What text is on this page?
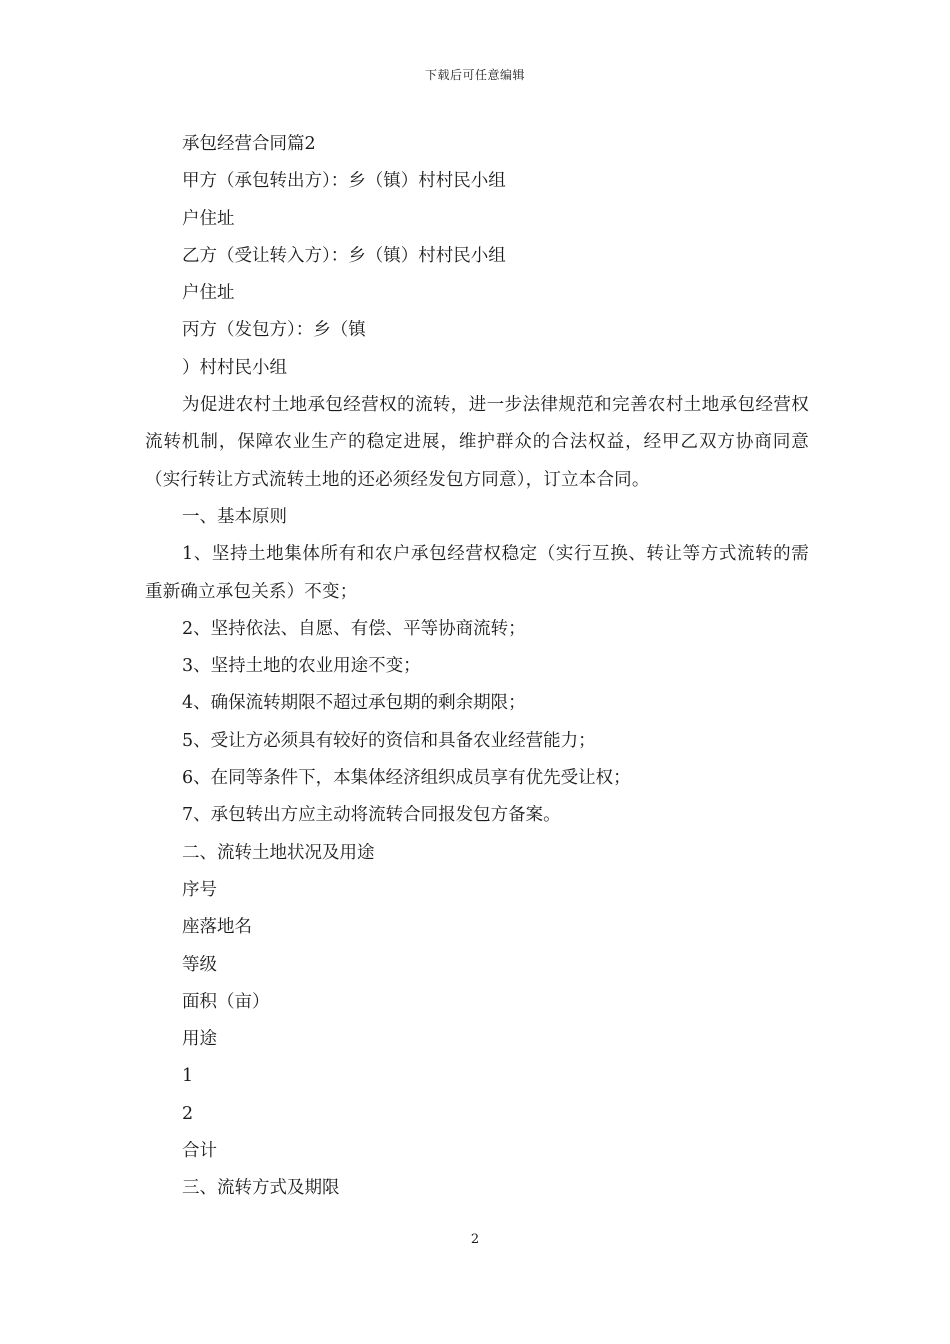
下载后可任意编辑
承包经营合同篇2
甲方（承包转出方）：乡（镇）村村民小组
户住址
乙方（受让转入方）：乡（镇）村村民小组
户住址
丙方（发包方）：乡（镇
）村村民小组
为促进农村土地承包经营权的流转，进一步法律规范和完善农村土地承包经营权流转机制，保障农业生产的稳定进展，维护群众的合法权益，经甲乙双方协商同意（实行转让方式流转土地的还必须经发包方同意），订立本合同。
一、基本原则
1、坚持土地集体所有和农户承包经营权稳定（实行互换、转让等方式流转的需重新确立承包关系）不变；
2、坚持依法、自愿、有偿、平等协商流转；
3、坚持土地的农业用途不变；
4、确保流转期限不超过承包期的剩余期限；
5、受让方必须具有较好的资信和具备农业经营能力；
6、在同等条件下，本集体经济组织成员享有优先受让权；
7、承包转出方应主动将流转合同报发包方备案。
二、流转土地状况及用途
序号
座落地名
等级
面积（亩）
用途
1
2
合计
三、流转方式及期限
2
